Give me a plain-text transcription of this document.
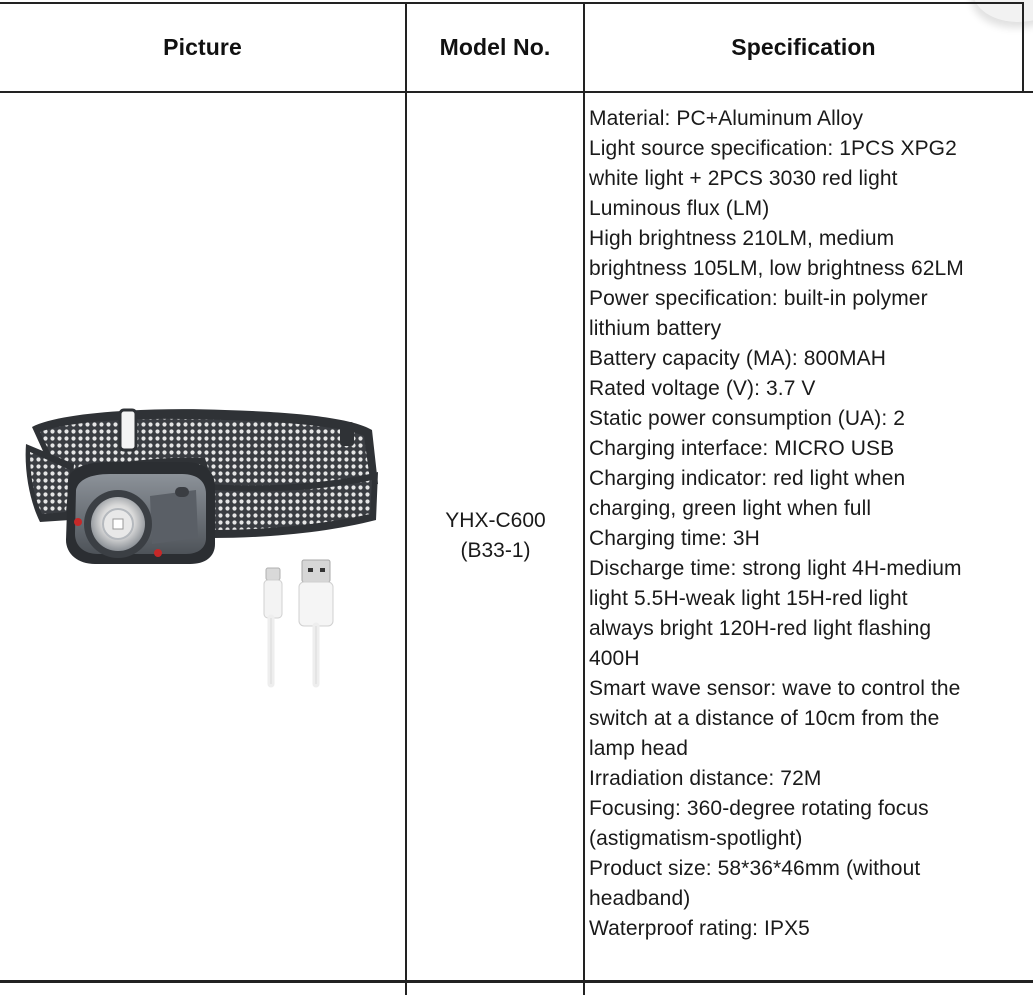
Picture	Model No.	Specification
YHX-C600
(B33-1)
Material: PC+Aluminum Alloy
Light source specification: 1PCS XPG2
white light + 2PCS 3030 red light
Luminous flux (LM)
High brightness 210LM, medium
brightness 105LM, low brightness 62LM
Power specification: built-in polymer
lithium battery
Battery capacity (MA): 800MAH
Rated voltage (V): 3.7 V
Static power consumption (UA): 2
Charging interface: MICRO USB
Charging indicator: red light when
charging, green light when full
Charging time: 3H
Discharge time: strong light 4H-medium
light 5.5H-weak light 15H-red light
always bright 120H-red light flashing
400H
Smart wave sensor: wave to control the
switch at a distance of 10cm from the
lamp head
Irradiation distance: 72M
Focusing: 360-degree rotating focus
(astigmatism-spotlight)
Product size: 58*36*46mm (without
headband)
Waterproof rating: IPX5
